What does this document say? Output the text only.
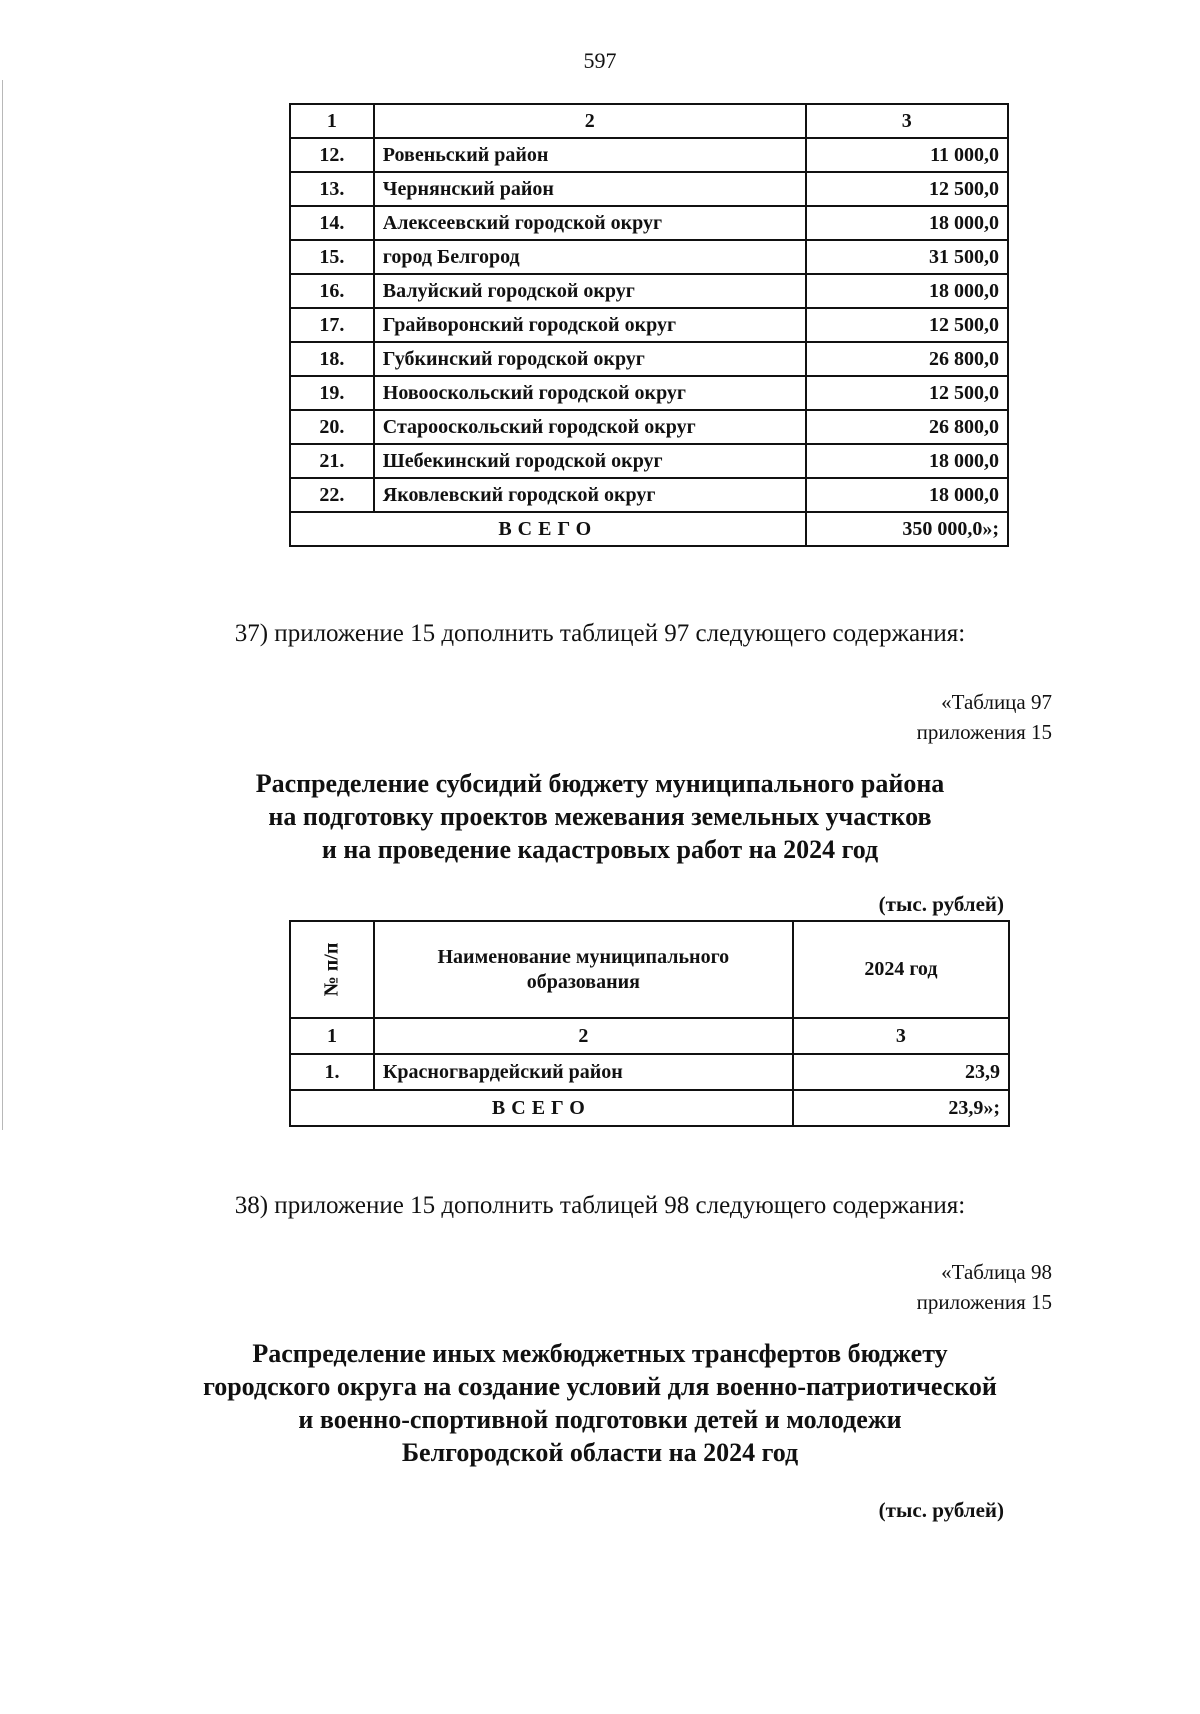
597
1	2	3
12.	Ровеньский район	11 000,0
13.	Чернянский район	12 500,0
14.	Алексеевский городской округ	18 000,0
15.	город Белгород	31 500,0
16.	Валуйский городской округ	18 000,0
17.	Грайворонский городской округ	12 500,0
18.	Губкинский городской округ	26 800,0
19.	Новооскольский городской округ	12 500,0
20.	Старооскольский городской округ	26 800,0
21.	Шебекинский городской округ	18 000,0
22.	Яковлевский городской округ	18 000,0
ВСЕГО		350 000,0»;
37) приложение 15 дополнить таблицей 97 следующего содержания:
«Таблица 97
приложения 15
Распределение субсидий бюджету муниципального района
на подготовку проектов межевания земельных участков
и на проведение кадастровых работ на 2024 год
(тыс. рублей)
№ п/п	Наименование муниципального образования	2024 год
1	2	3
1.	Красногвардейский район	23,9
ВСЕГО		23,9»;
38) приложение 15 дополнить таблицей 98 следующего содержания:
«Таблица 98
приложения 15
Распределение иных межбюджетных трансфертов бюджету
городского округа на создание условий для военно-патриотической
и военно-спортивной подготовки детей и молодежи
Белгородской области на 2024 год
(тыс. рублей)
